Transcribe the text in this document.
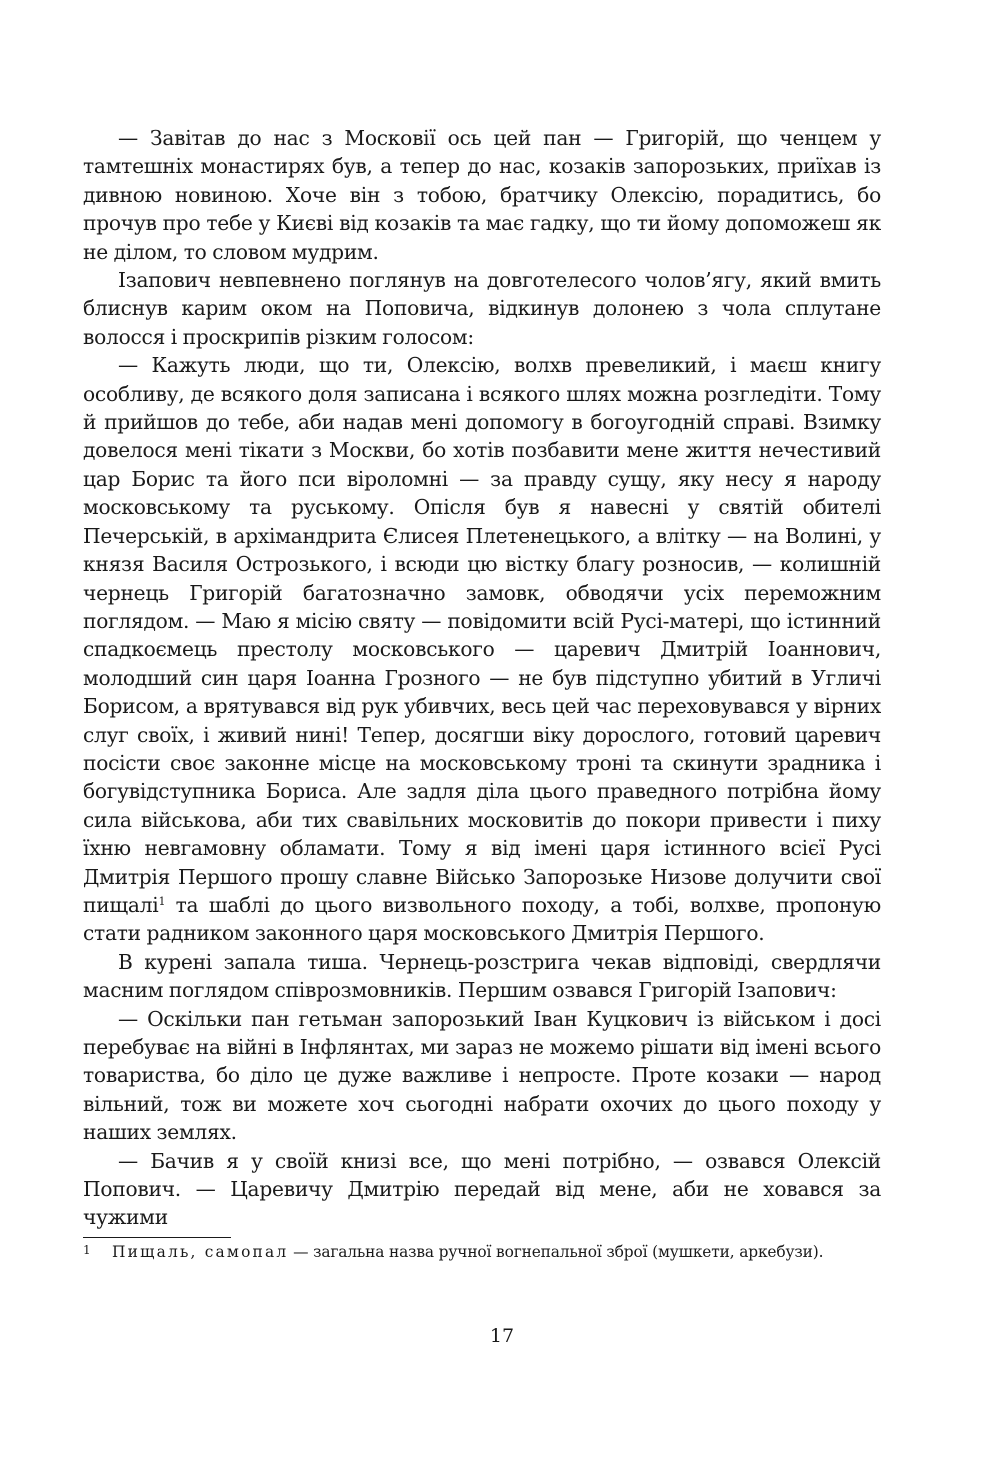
— Завітав до нас з Московії ось цей пан — Григорій, що ченцем у тамтешніх монастирях був, а тепер до нас, козаків запорозьких, приїхав із дивною новиною. Хоче він з тобою, братчику Олексію, порадитись, бо прочув про тебе у Києві від козаків та має гадку, що ти йому допоможеш як не ділом, то словом мудрим.

Ізапович невпевнено поглянув на довготелесого чолов’ягу, який вмить блиснув карим оком на Поповича, відкинув долонею з чола сплутане волосся і проскрипів різким голосом:

— Кажуть люди, що ти, Олексію, волхв превеликий, і маєш книгу особливу, де всякого доля записана і всякого шлях можна розгледіти. Тому й прийшов до тебе, аби надав мені допомогу в богоугодній справі. Взимку довелося мені тікати з Москви, бо хотів позбавити мене життя нечестивий цар Борис та його пси віроломні — за правду сущу, яку несу я народу московському та руському. Опісля був я навесні у святій обителі Печерській, в архімандрита Єлисея Плетенецького, а влітку — на Волині, у князя Василя Острозького, і всюди цю вістку благу розносив, — колишній чернець Григорій багатозначно замовк, обводячи усіх переможним поглядом. — Маю я місію святу — повідомити всій Русі-матері, що істинний спадкоємець престолу московського — царевич Дмитрій Іоаннович, молодший син царя Іоанна Грозного — не був підступно убитий в Угличі Борисом, а врятувався від рук убивчих, весь цей час переховувався у вірних слуг своїх, і живий нині! Тепер, досягши віку дорослого, готовий царевич посісти своє законне місце на московському троні та скинути зрадника і богувідступника Бориса. Але задля діла цього праведного потрібна йому сила військова, аби тих свавільних московитів до покори привести і пиху їхню невгамовну обламати. Тому я від імені царя істинного всієї Русі Дмитрія Першого прошу славне Військо Запорозьке Низове долучити свої пищалі$^1$ та шаблі до цього визвольного походу, а тобі, волхве, пропоную стати радником законного царя московського Дмитрія Першого.

В курені запала тиша. Чернець-розстрига чекав відповіді, свердлячи масним поглядом співрозмовників. Першим озвався Григорій Ізапович:

— Оскільки пан гетьман запорозький Іван Куцкович із військом і досі перебуває на війні в Інфлянтах, ми зараз не можемо рішати від імені всього товариства, бо діло це дуже важливе і непросте. Проте козаки — народ вільний, тож ви можете хоч сьогодні набрати охочих до цього походу у наших землях.

— Бачив я у своїй книзі все, що мені потрібно, — озвався Олексій Попович. — Царевичу Дмитрію передай від мене, аби не ховався за чужими

1	Пищаль, самопал — загальна назва ручної вогнепальної зброї (мушкети, аркебузи).
17
